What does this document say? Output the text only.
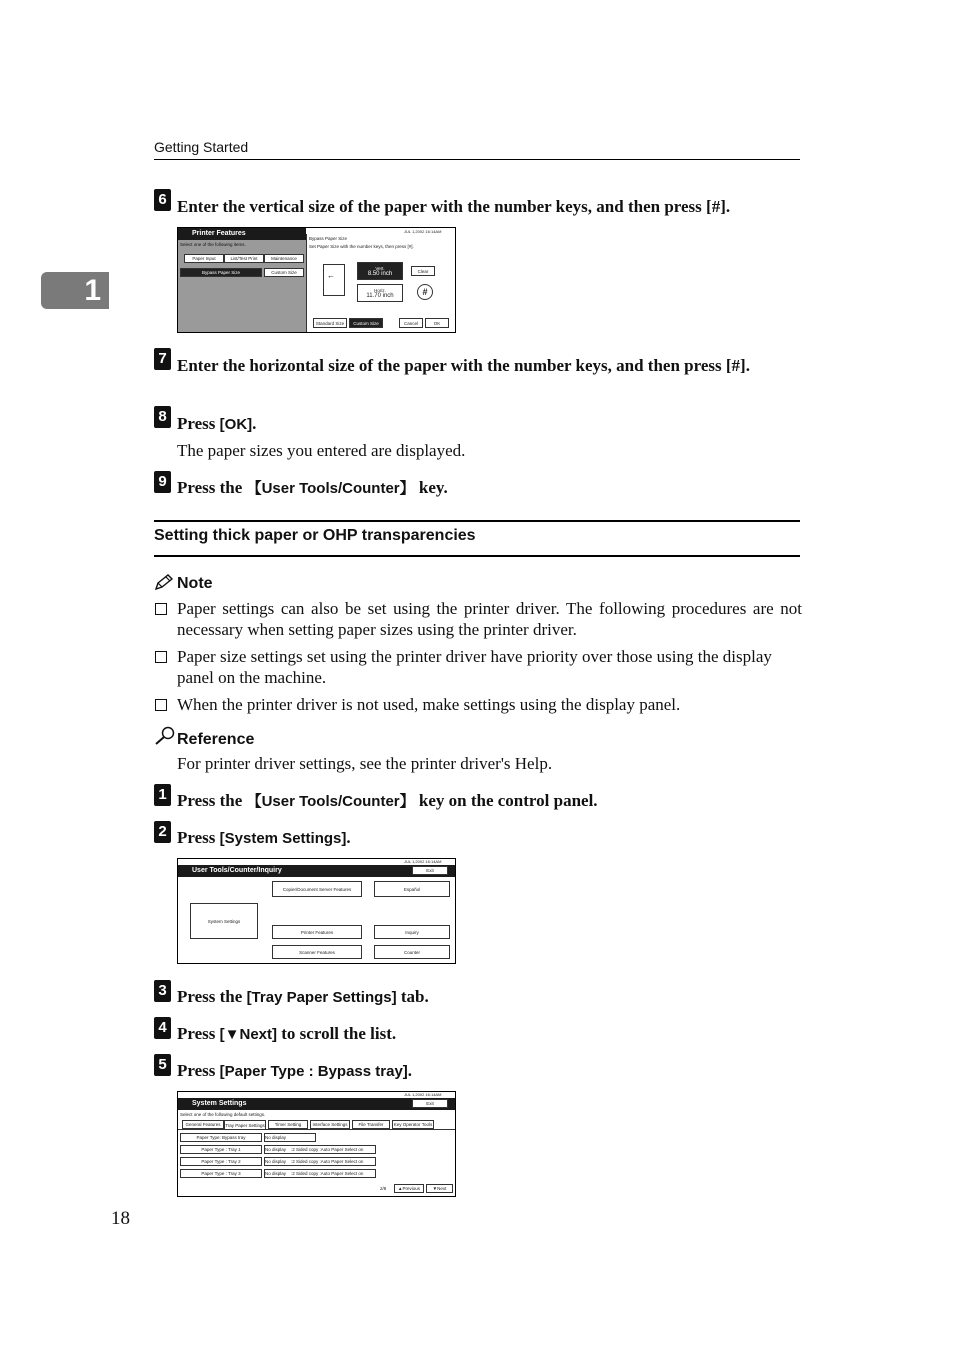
Getting Started
1
6 Enter the vertical size of the paper with the number keys, and then press [#].
Printer Features
Select one of the following items.
Paper Input	List/Test Print	Maintenance
Bypass Paper Size	Custom Size
Bypass Paper Size
Set Paper Size with the number keys, then press [#].
←
Vert.
8.50 inch
Horiz.
11.70 inch
Clear
#
Standard Size	Custom Size	Cancel	OK
JUL 1,2002 16:14AM
7 Enter the horizontal size of the paper with the number keys, and then press [#].
8 Press [OK].
The paper sizes you entered are displayed.
9 Press the 【User Tools/Counter】 key.
Setting thick paper or OHP transparencies
Note
Paper settings can also be set using the printer driver. The following procedures are not necessary when setting paper sizes using the printer driver.
Paper size settings set using the printer driver have priority over those using the display panel on the machine.
When the printer driver is not used, make settings using the display panel.
Reference
For printer driver settings, see the printer driver's Help.
1 Press the 【User Tools/Counter】 key on the control panel.
2 Press [System Settings].
User Tools/Counter/Inquiry
JUL 1,2002 16:14AM
Exit
System Settings
Copier/Document Server Features	Español
Printer Features	Inquiry
Scanner Features	Counter
3 Press the [Tray Paper Settings] tab.
4 Press [▼Next] to scroll the list.
5 Press [Paper Type : Bypass tray].
JUL 1,2002 16:14AM
System Settings	Exit
Select one of the following default settings.
General Features	Tray Paper Settings	Timer Setting	Interface Settings	File Transfer	Key Operator Tools
Paper Type: Bypass tray	No display
Paper Type : Tray 1	No display
:2 Sided copy :Auto Paper Select on
Paper Type : Tray 2	No display
:2 Sided copy :Auto Paper Select on
Paper Type : Tray 3	No display
:2 Sided copy :Auto Paper Select on
2/8	▲Previous	▼Next
18
